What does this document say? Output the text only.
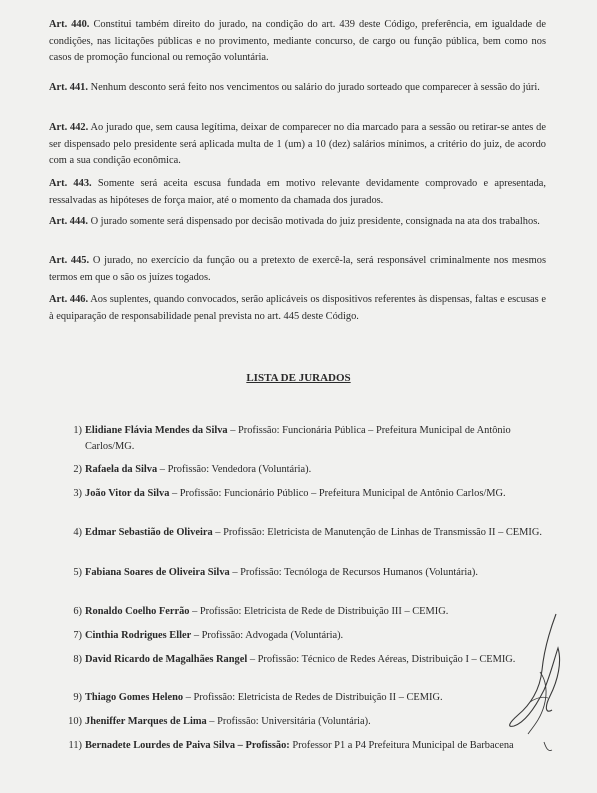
Art. 440. Constitui também direito do jurado, na condição do art. 439 deste Código, preferência, em igualdade de condições, nas licitações públicas e no provimento, mediante concurso, de cargo ou função pública, bem como nos casos de promoção funcional ou remoção voluntária.

Art. 441. Nenhum desconto será feito nos vencimentos ou salário do jurado sorteado que comparecer à sessão do júri.

Art. 442. Ao jurado que, sem causa legítima, deixar de comparecer no dia marcado para a sessão ou retirar-se antes de ser dispensado pelo presidente será aplicada multa de 1 (um) a 10 (dez) salários mínimos, a critério do juiz, de acordo com a sua condição econômica.

Art. 443. Somente será aceita escusa fundada em motivo relevante devidamente comprovado e apresentada, ressalvadas as hipóteses de força maior, até o momento da chamada dos jurados.

Art. 444. O jurado somente será dispensado por decisão motivada do juiz presidente, consignada na ata dos trabalhos.

Art. 445. O jurado, no exercício da função ou a pretexto de exercê-la, será responsável criminalmente nos mesmos termos em que o são os juízes togados.

Art. 446. Aos suplentes, quando convocados, serão aplicáveis os dispositivos referentes às dispensas, faltas e escusas e à equiparação de responsabilidade penal prevista no art. 445 deste Código.

LISTA DE JURADOS
1) Elidiane Flávia Mendes da Silva – Profissão: Funcionária Pública – Prefeitura Municipal de Antônio Carlos/MG.
2) Rafaela da Silva – Profissão: Vendedora (Voluntária).
3) João Vitor da Silva – Profissão: Funcionário Público – Prefeitura Municipal de Antônio Carlos/MG.
4) Edmar Sebastião de Oliveira – Profissão: Eletricista de Manutenção de Linhas de Transmissão II – CEMIG.
5) Fabiana Soares de Oliveira Silva – Profissão: Tecnóloga de Recursos Humanos (Voluntária).
6) Ronaldo Coelho Ferrão – Profissão: Eletricista de Rede de Distribuição III – CEMIG.
7) Cinthia Rodrigues Eller – Profissão: Advogada (Voluntária).
8) David Ricardo de Magalhães Rangel – Profissão: Técnico de Redes Aéreas, Distribuição I – CEMIG.
9) Thiago Gomes Heleno – Profissão: Eletricista de Redes de Distribuição II – CEMIG.
10) Jheniffer Marques de Lima – Profissão: Universitária (Voluntária).
11) Bernadete Lourdes de Paiva Silva – Profissão: Professor P1 a P4 Prefeitura Municipal de Barbacena
